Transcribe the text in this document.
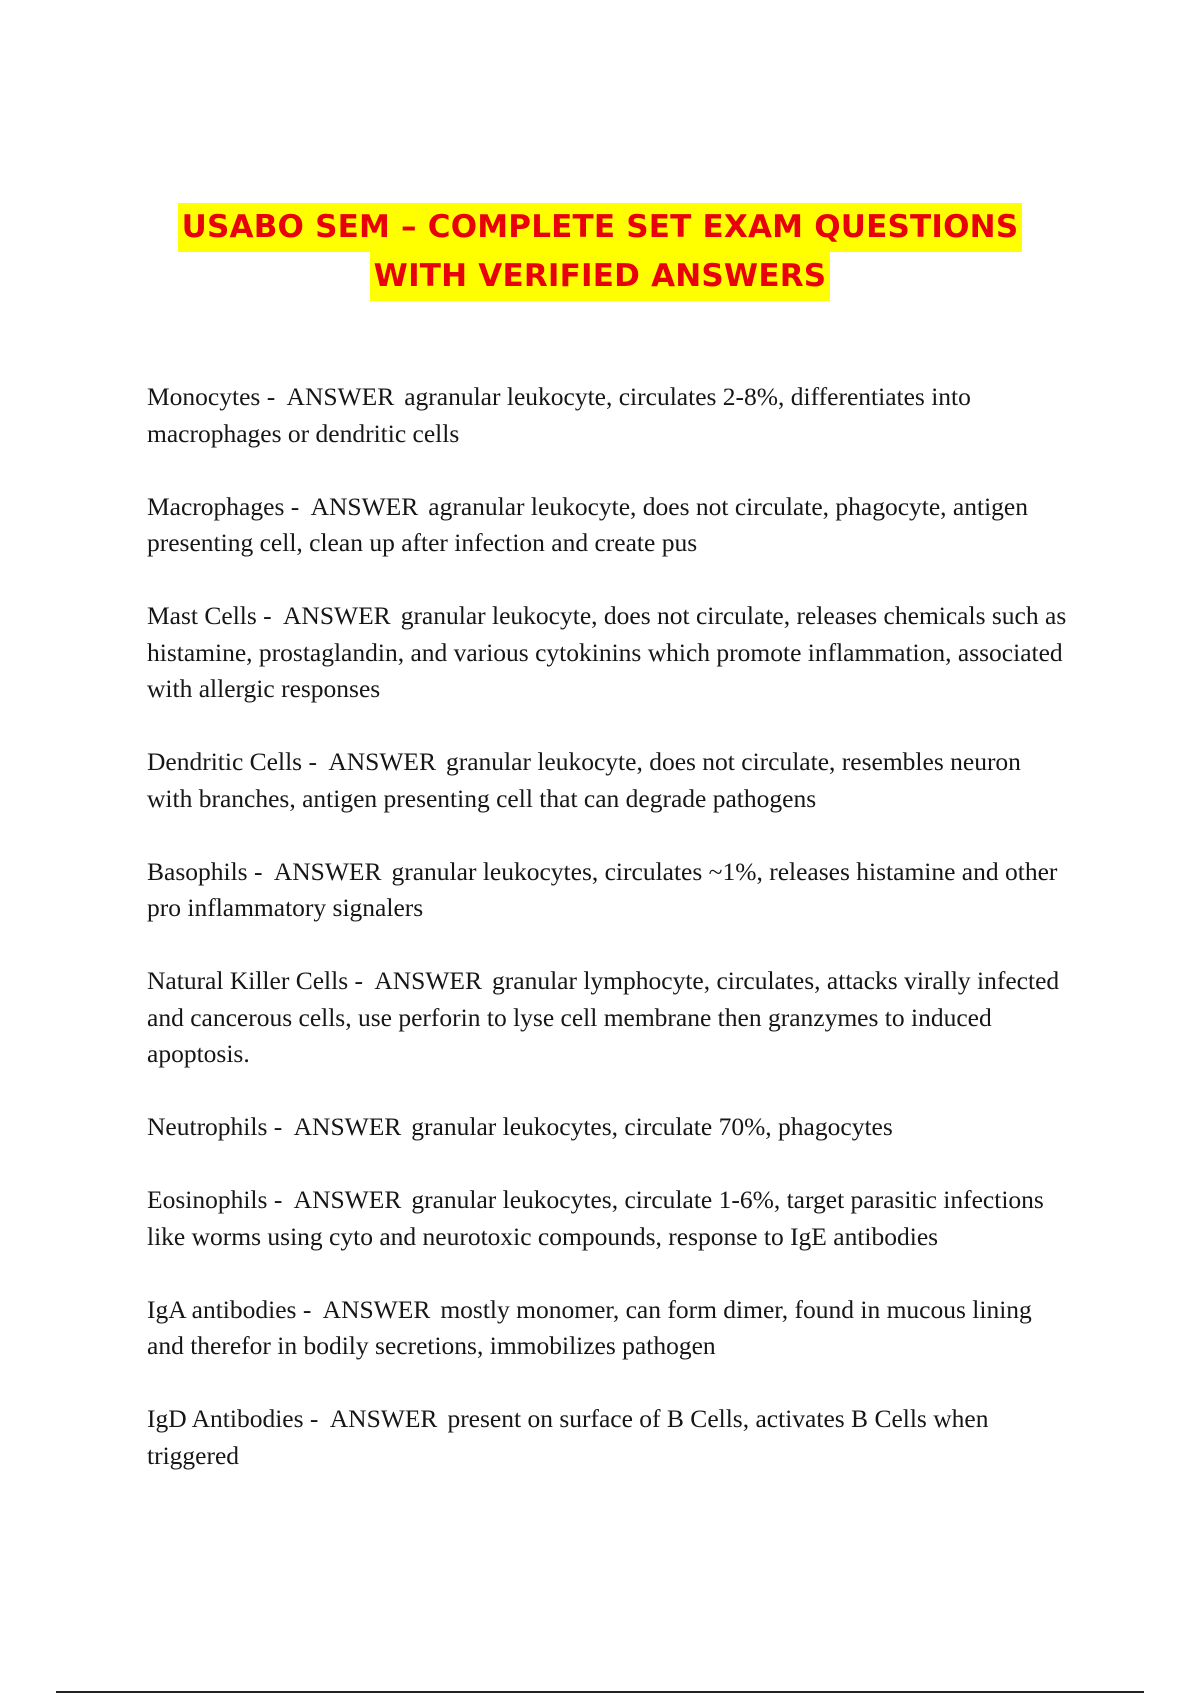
USABO SEM – COMPLETE SET EXAM QUESTIONS
WITH VERIFIED ANSWERS
Monocytes - ANSWER agranular leukocyte, circulates 2-8%, differentiates into macrophages or dendritic cells
Macrophages - ANSWER agranular leukocyte, does not circulate, phagocyte, antigen presenting cell, clean up after infection and create pus
Mast Cells - ANSWER granular leukocyte, does not circulate, releases chemicals such as histamine, prostaglandin, and various cytokinins which promote inflammation, associated with allergic responses
Dendritic Cells - ANSWER granular leukocyte, does not circulate, resembles neuron with branches, antigen presenting cell that can degrade pathogens
Basophils - ANSWER granular leukocytes, circulates ~1%, releases histamine and other pro inflammatory signalers
Natural Killer Cells - ANSWER granular lymphocyte, circulates, attacks virally infected and cancerous cells, use perforin to lyse cell membrane then granzymes to induced apoptosis.
Neutrophils - ANSWER granular leukocytes, circulate 70%, phagocytes
Eosinophils - ANSWER granular leukocytes, circulate 1-6%, target parasitic infections like worms using cyto and neurotoxic compounds, response to IgE antibodies
IgA antibodies - ANSWER mostly monomer, can form dimer, found in mucous lining and therefor in bodily secretions, immobilizes pathogen
IgD Antibodies - ANSWER present on surface of B Cells, activates B Cells when triggered
